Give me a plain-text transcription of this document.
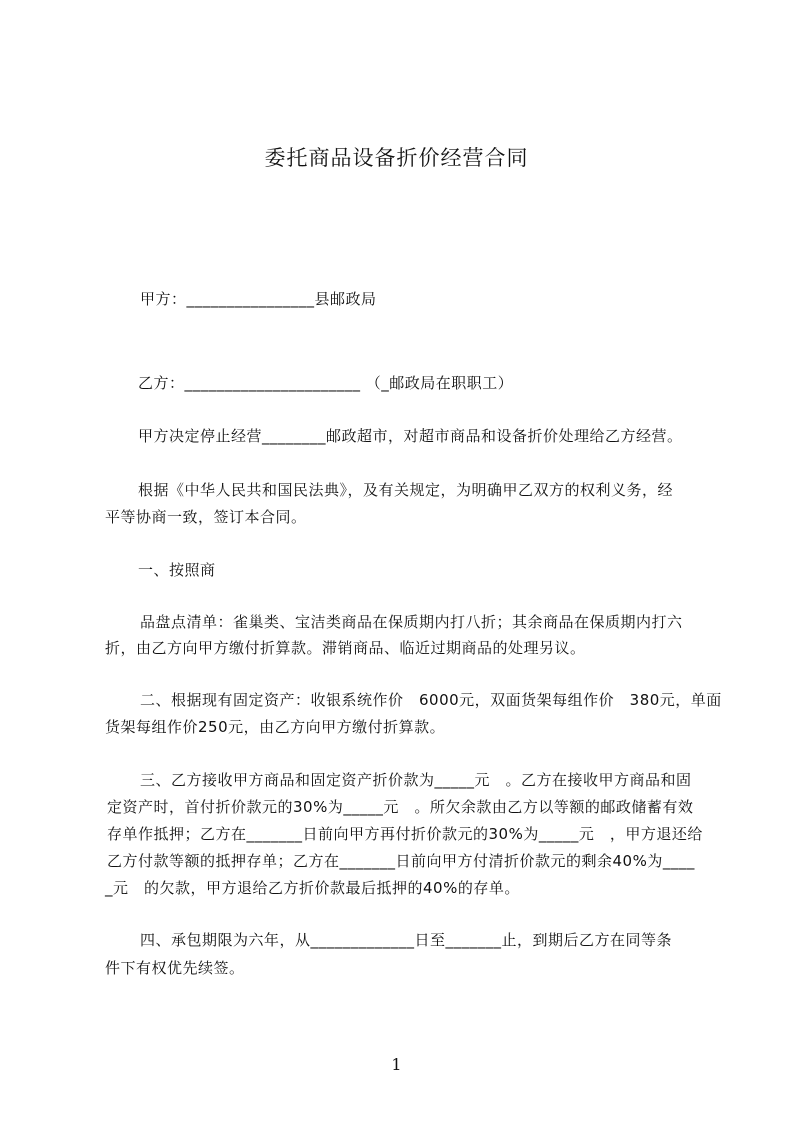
委托商品设备折价经营合同
甲方：________________县邮政局
乙方：______________________ （_邮政局在职职工）
甲方决定停止经营________邮政超市，对超市商品和设备折价处理给乙方经营。
根据《中华人民共和国民法典》，及有关规定，为明确甲乙双方的权利义务，经
平等协商一致，签订本合同。
一、按照商
品盘点清单：雀巢类、宝洁类商品在保质期内打八折；其余商品在保质期内打六
折，由乙方向甲方缴付折算款。滞销商品、临近过期商品的处理另议。
二、根据现有固定资产：收银系统作价　6000元，双面货架每组作价　380元，单面
货架每组作价250元，由乙方向甲方缴付折算款。
三、乙方接收甲方商品和固定资产折价款为_____元　。乙方在接收甲方商品和固
定资产时，首付折价款元的30%为_____元　。所欠余款由乙方以等额的邮政储蓄有效
存单作抵押；乙方在_______日前向甲方再付折价款元的30%为_____元　，甲方退还给
乙方付款等额的抵押存单；乙方在_______日前向甲方付清折价款元的剩余40%为____
_元　的欠款，甲方退给乙方折价款最后抵押的40%的存单。
四、承包期限为六年，从_____________日至_______止，到期后乙方在同等条
件下有权优先续签。
1
